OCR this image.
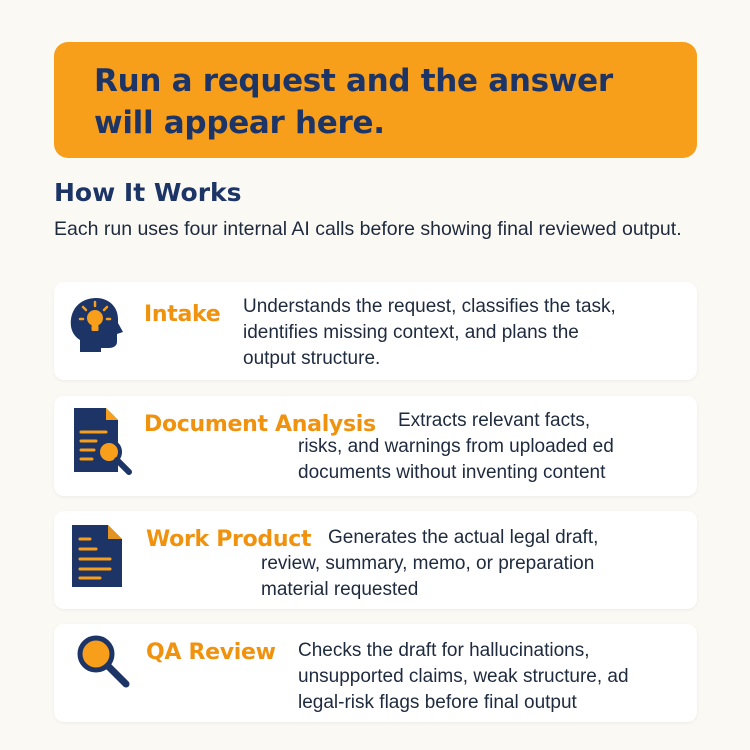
Run a request and the answer will appear here.
How It Works
Each run uses four internal AI calls before showing final reviewed output.
Intake Understands the request, classifies the task,
identifies missing context, and plans the
output structure.
Document Analysis	Extracts relevant facts,
risks, and warnings from uploaded ed
documents without inventing content
Work Product Generates the actual legal draft,
review, summary, memo, or preparation
material requested
QA Review Checks the draft for hallucinations,
unsupported claims, weak structure, ad
legal-risk flags before final output
